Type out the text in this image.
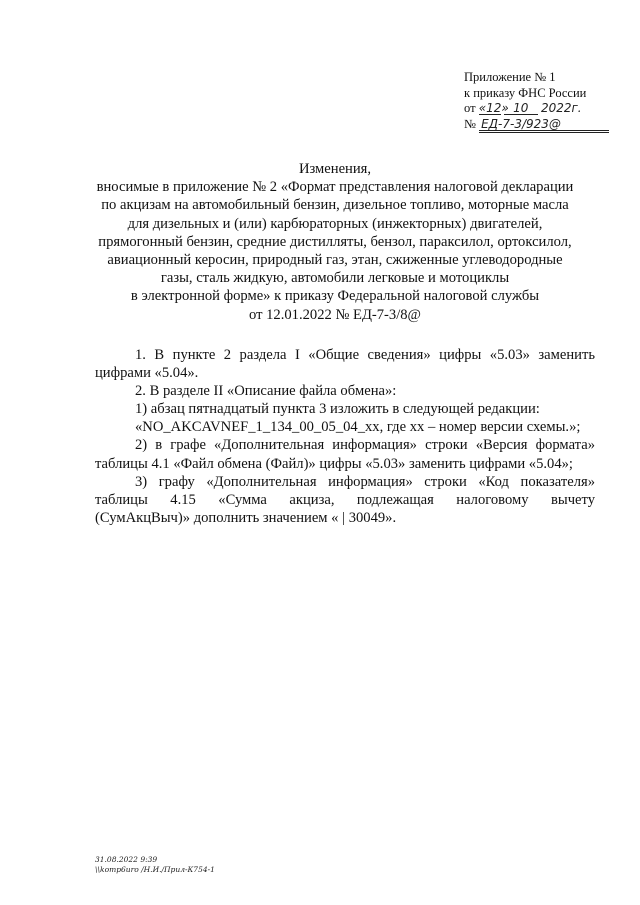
Приложение № 1
к приказу ФНС России
от «12» 10 2022г.
№ ЕД-7-3/923@
Изменения,
вносимые в приложение № 2 «Формат представления налоговой декларации
по акцизам на автомобильный бензин, дизельное топливо, моторные масла
для дизельных и (или) карбюраторных (инжекторных) двигателей,
прямогонный бензин, средние дистилляты, бензол, параксилол, ортоксилол,
авиационный керосин, природный газ, этан, сжиженные углеводородные
газы, сталь жидкую, автомобили легковые и мотоциклы
в электронной форме» к приказу Федеральной налоговой службы
от 12.01.2022 № ЕД-7-3/8@
1. В пункте 2 раздела I «Общие сведения» цифры «5.03» заменить
цифрами «5.04».
2. В разделе II «Описание файла обмена»:
1) абзац пятнадцатый пункта 3 изложить в следующей редакции:
«NO_AKCAVNEF_1_134_00_05_04_xx, где хх – номер версии схемы.»;
2) в графе «Дополнительная информация» строки «Версия формата»
таблицы 4.1 «Файл обмена (Файл)» цифры «5.03» заменить цифрами «5.04»;
3) графу «Дополнительная информация» строки «Код показателя»
таблицы 4.15 «Сумма акциза, подлежащая налоговому вычету
(СумАкцВыч)» дополнить значением « | 30049».
31.08.2022 9:39
\\komp6uro /Н.И./Прил-К754-1
